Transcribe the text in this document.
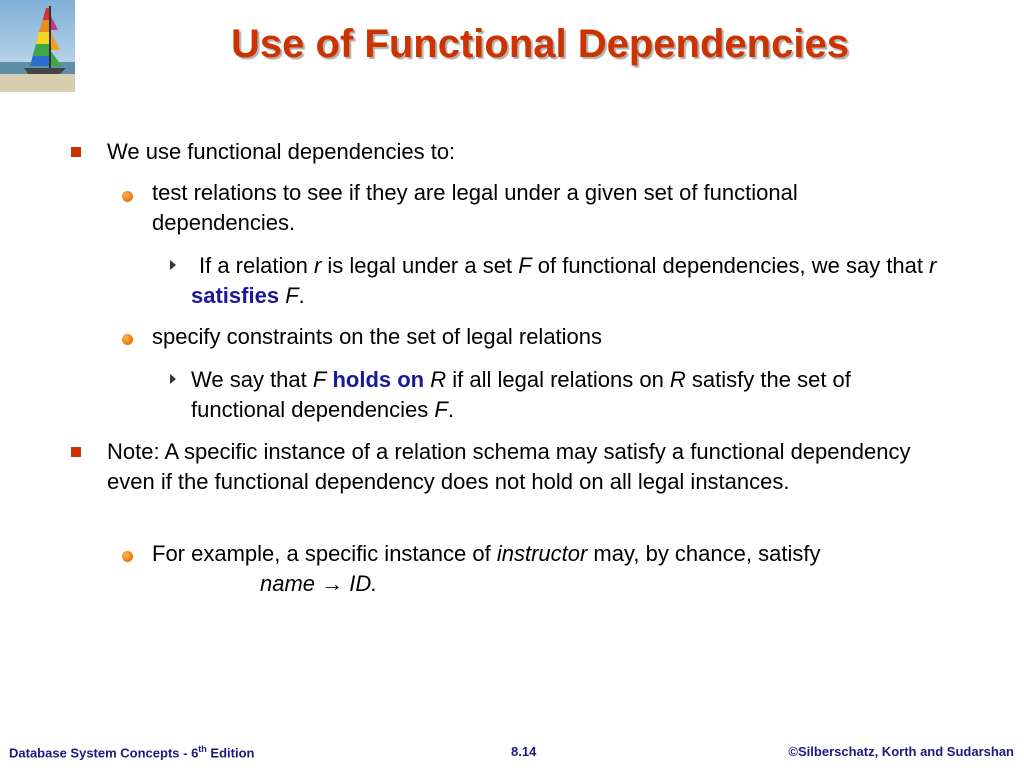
Use of Functional Dependencies
We use functional dependencies to:
test relations to see if they are legal under a given set of functional dependencies.
If a relation r is legal under a set F of functional dependencies, we say that r satisfies F.
specify constraints on the set of legal relations
We say that F holds on R if all legal relations on R satisfy the set of functional dependencies F.
Note: A specific instance of a relation schema may satisfy a functional dependency even if the functional dependency does not hold on all legal instances.
For example, a specific instance of instructor may, by chance, satisfy
name → ID.
Database System Concepts - 6th Edition	8.14	©Silberschatz, Korth and Sudarshan
